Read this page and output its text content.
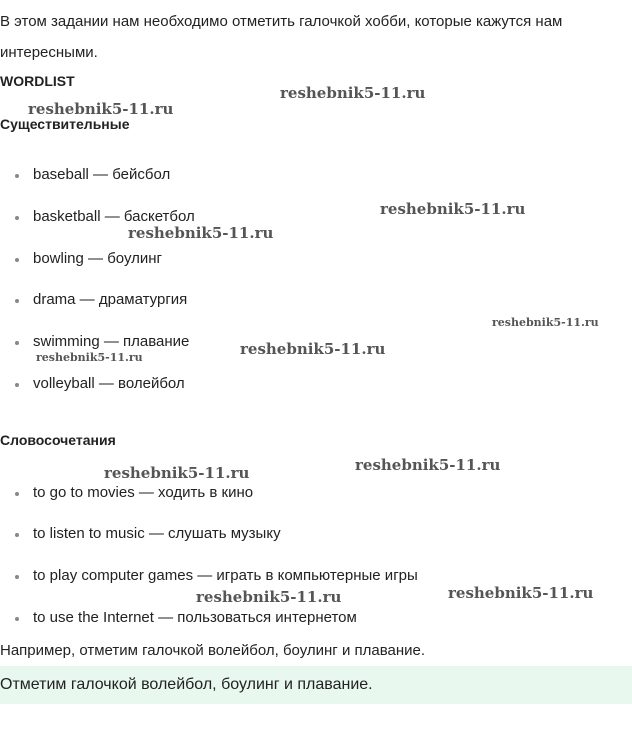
В этом задании нам необходимо отметить галочкой хобби, которые кажутся нам интересными.

WORDLIST
Существительные
baseball — бейсбол
basketball — баскетбол
bowling — боулинг
drama — драматургия
swimming — плавание
volleyball — волейбол
Словосочетания
to go to movies — ходить в кино
to listen to music — слушать музыку
to play computer games — играть в компьютерные игры
to use the Internet — пользоваться интернетом
Например, отметим галочкой волейбол, боулинг и плавание.
Отметим галочкой волейбол, боулинг и плавание.
reshebnik5-11.ru
reshebnik5-11.ru
reshebnik5-11.ru
reshebnik5-11.ru
reshebnik5-11.ru
reshebnik5-11.ru
reshebnik5-11.ru
reshebnik5-11.ru
reshebnik5-11.ru
reshebnik5-11.ru
reshebnik5-11.ru
